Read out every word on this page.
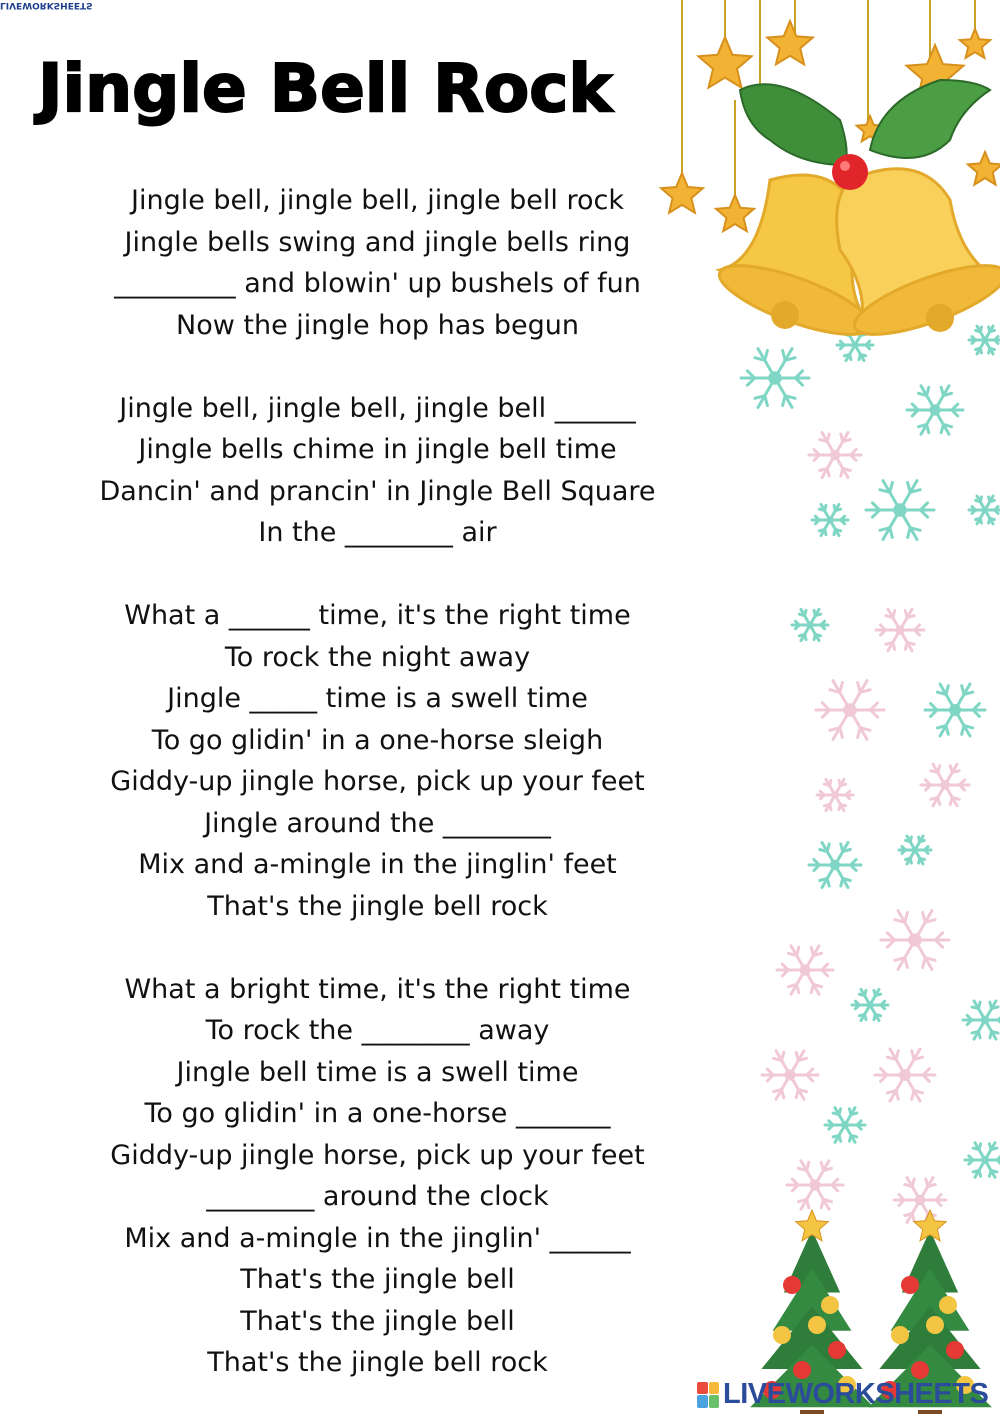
LIVEWORKSHEETS
Jingle Bell Rock
Jingle bell, jingle bell, jingle bell rock
Jingle bells swing and jingle bells ring
_________ and blowin' up bushels of fun
Now the jingle hop has begun
Jingle bell, jingle bell, jingle bell ______
Jingle bells chime in jingle bell time
Dancin' and prancin' in Jingle Bell Square
In the ________ air
What a ______ time, it's the right time
To rock the night away
Jingle _____ time is a swell time
To go glidin' in a one-horse sleigh
Giddy-up jingle horse, pick up your feet
Jingle around the ________
Mix and a-mingle in the jinglin' feet
That's the jingle bell rock
What a bright time, it's the right time
To rock the ________ away
Jingle bell time is a swell time
To go glidin' in a one-horse _______
Giddy-up jingle horse, pick up your feet
________ around the clock
Mix and a-mingle in the jinglin' ______
That's the jingle bell
That's the jingle bell
That's the jingle bell rock
LIVEWORKSHEETS
